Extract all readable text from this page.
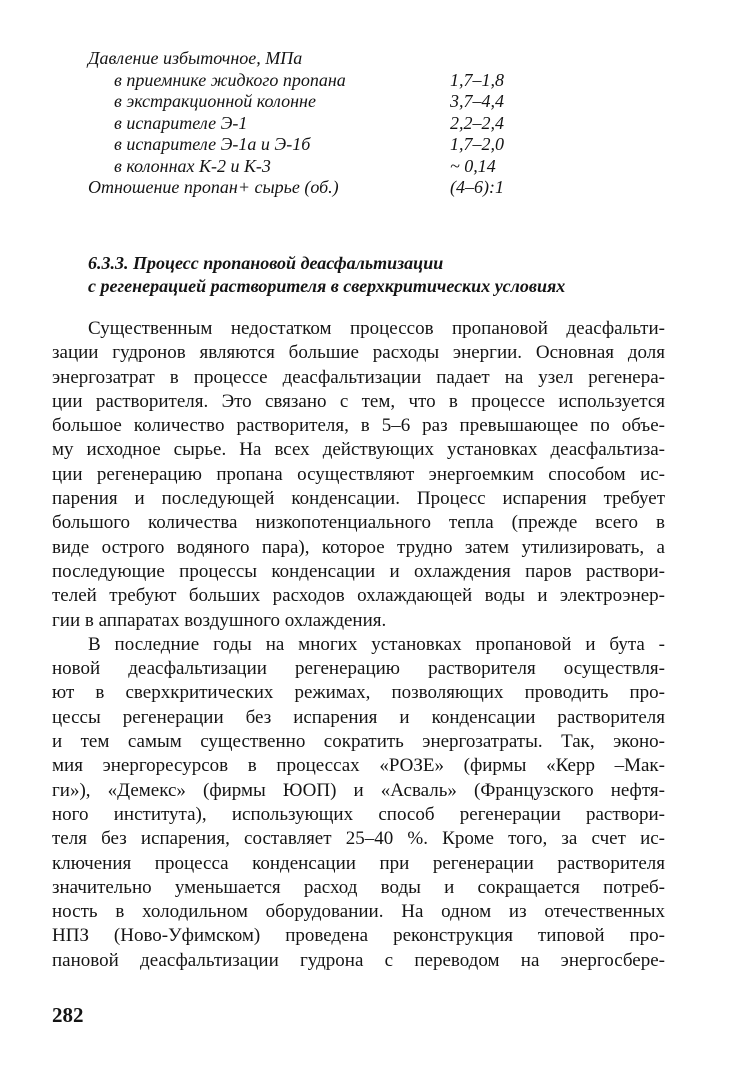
Давление избыточное, МПа
в приемнике жидкого пропана	1,7–1,8
в экстракционной колонне	3,7–4,4
в испарителе Э-1	2,2–2,4
в испарителе Э-1а и Э-1б	1,7–2,0
в колоннах К-2 и К-3	~ 0,14
Отношение пропан+ сырье (об.)	(4–6):1
6.3.3. Процесс пропановой деасфальтизации
с регенерацией растворителя в сверхкритических условиях
Существенным недостатком процессов пропановой деасфальти-
зации гудронов являются большие расходы энергии. Основная доля
энергозатрат в процессе деасфальтизации падает на узел регенера-
ции растворителя. Это связано с тем, что в процессе используется
большое количество растворителя, в 5–6 раз превышающее по объе-
му исходное сырье. На всех действующих установках деасфальтиза-
ции регенерацию пропана осуществляют энергоемким способом ис-
парения и последующей конденсации. Процесс испарения требует
большого количества низкопотенциального тепла (прежде всего в
виде острого водяного пара), которое трудно затем утилизировать, а
последующие процессы конденсации и охлаждения паров раствори-
телей требуют больших расходов охлаждающей воды и электроэнер-
гии в аппаратах воздушного охлаждения.
В последние годы на многих установках пропановой и бута -
новой деасфальтизации регенерацию растворителя осуществля-
ют в сверхкритических режимах, позволяющих проводить про-
цессы регенерации без испарения и конденсации растворителя
и тем самым существенно сократить энергозатраты. Так, эконо-
мия энергоресурсов в процессах «РОЗЕ» (фирмы «Керр –Мак-
ги»), «Демекс» (фирмы ЮОП) и «Асваль» (Французского нефтя-
ного института), использующих способ регенерации раствори-
теля без испарения, составляет 25–40 %. Кроме того, за счет ис-
ключения процесса конденсации при регенерации растворителя
значительно уменьшается расход воды и сокращается потреб-
ность в холодильном оборудовании. На одном из отечественных
НПЗ (Ново-Уфимском) проведена реконструкция типовой про-
пановой деасфальтизации гудрона с переводом на энергосбере-
282
